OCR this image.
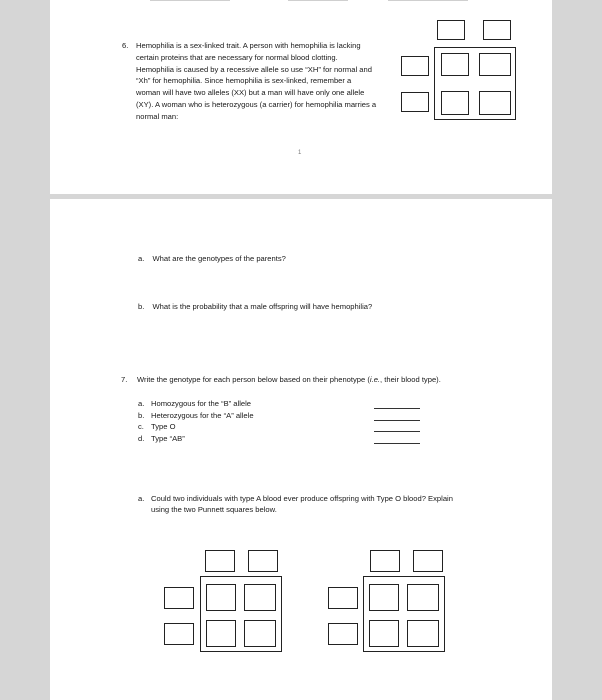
6. Hemophilia is a sex-linked trait. A person with hemophilia is lacking certain proteins that are necessary for normal blood clotting. Hemophilia is caused by a recessive allele so use “XH” for normal and “Xh” for hemophilia. Since hemophilia is sex-linked, remember a woman will have two alleles (XX) but a man will have only one allele (XY). A woman who is heterozygous (a carrier) for hemophilia marries a normal man:
1
a. What are the genotypes of the parents?
b. What is the probability that a male offspring will have hemophilia?
7. Write the genotype for each person below based on their phenotype (i.e., their blood type).
a. Homozygous for the “B” allele
b. Heterozygous for the “A” allele
c. Type O
d. Type “AB”
a. Could two individuals with type A blood ever produce offspring with Type O blood? Explain using the two Punnett squares below.
